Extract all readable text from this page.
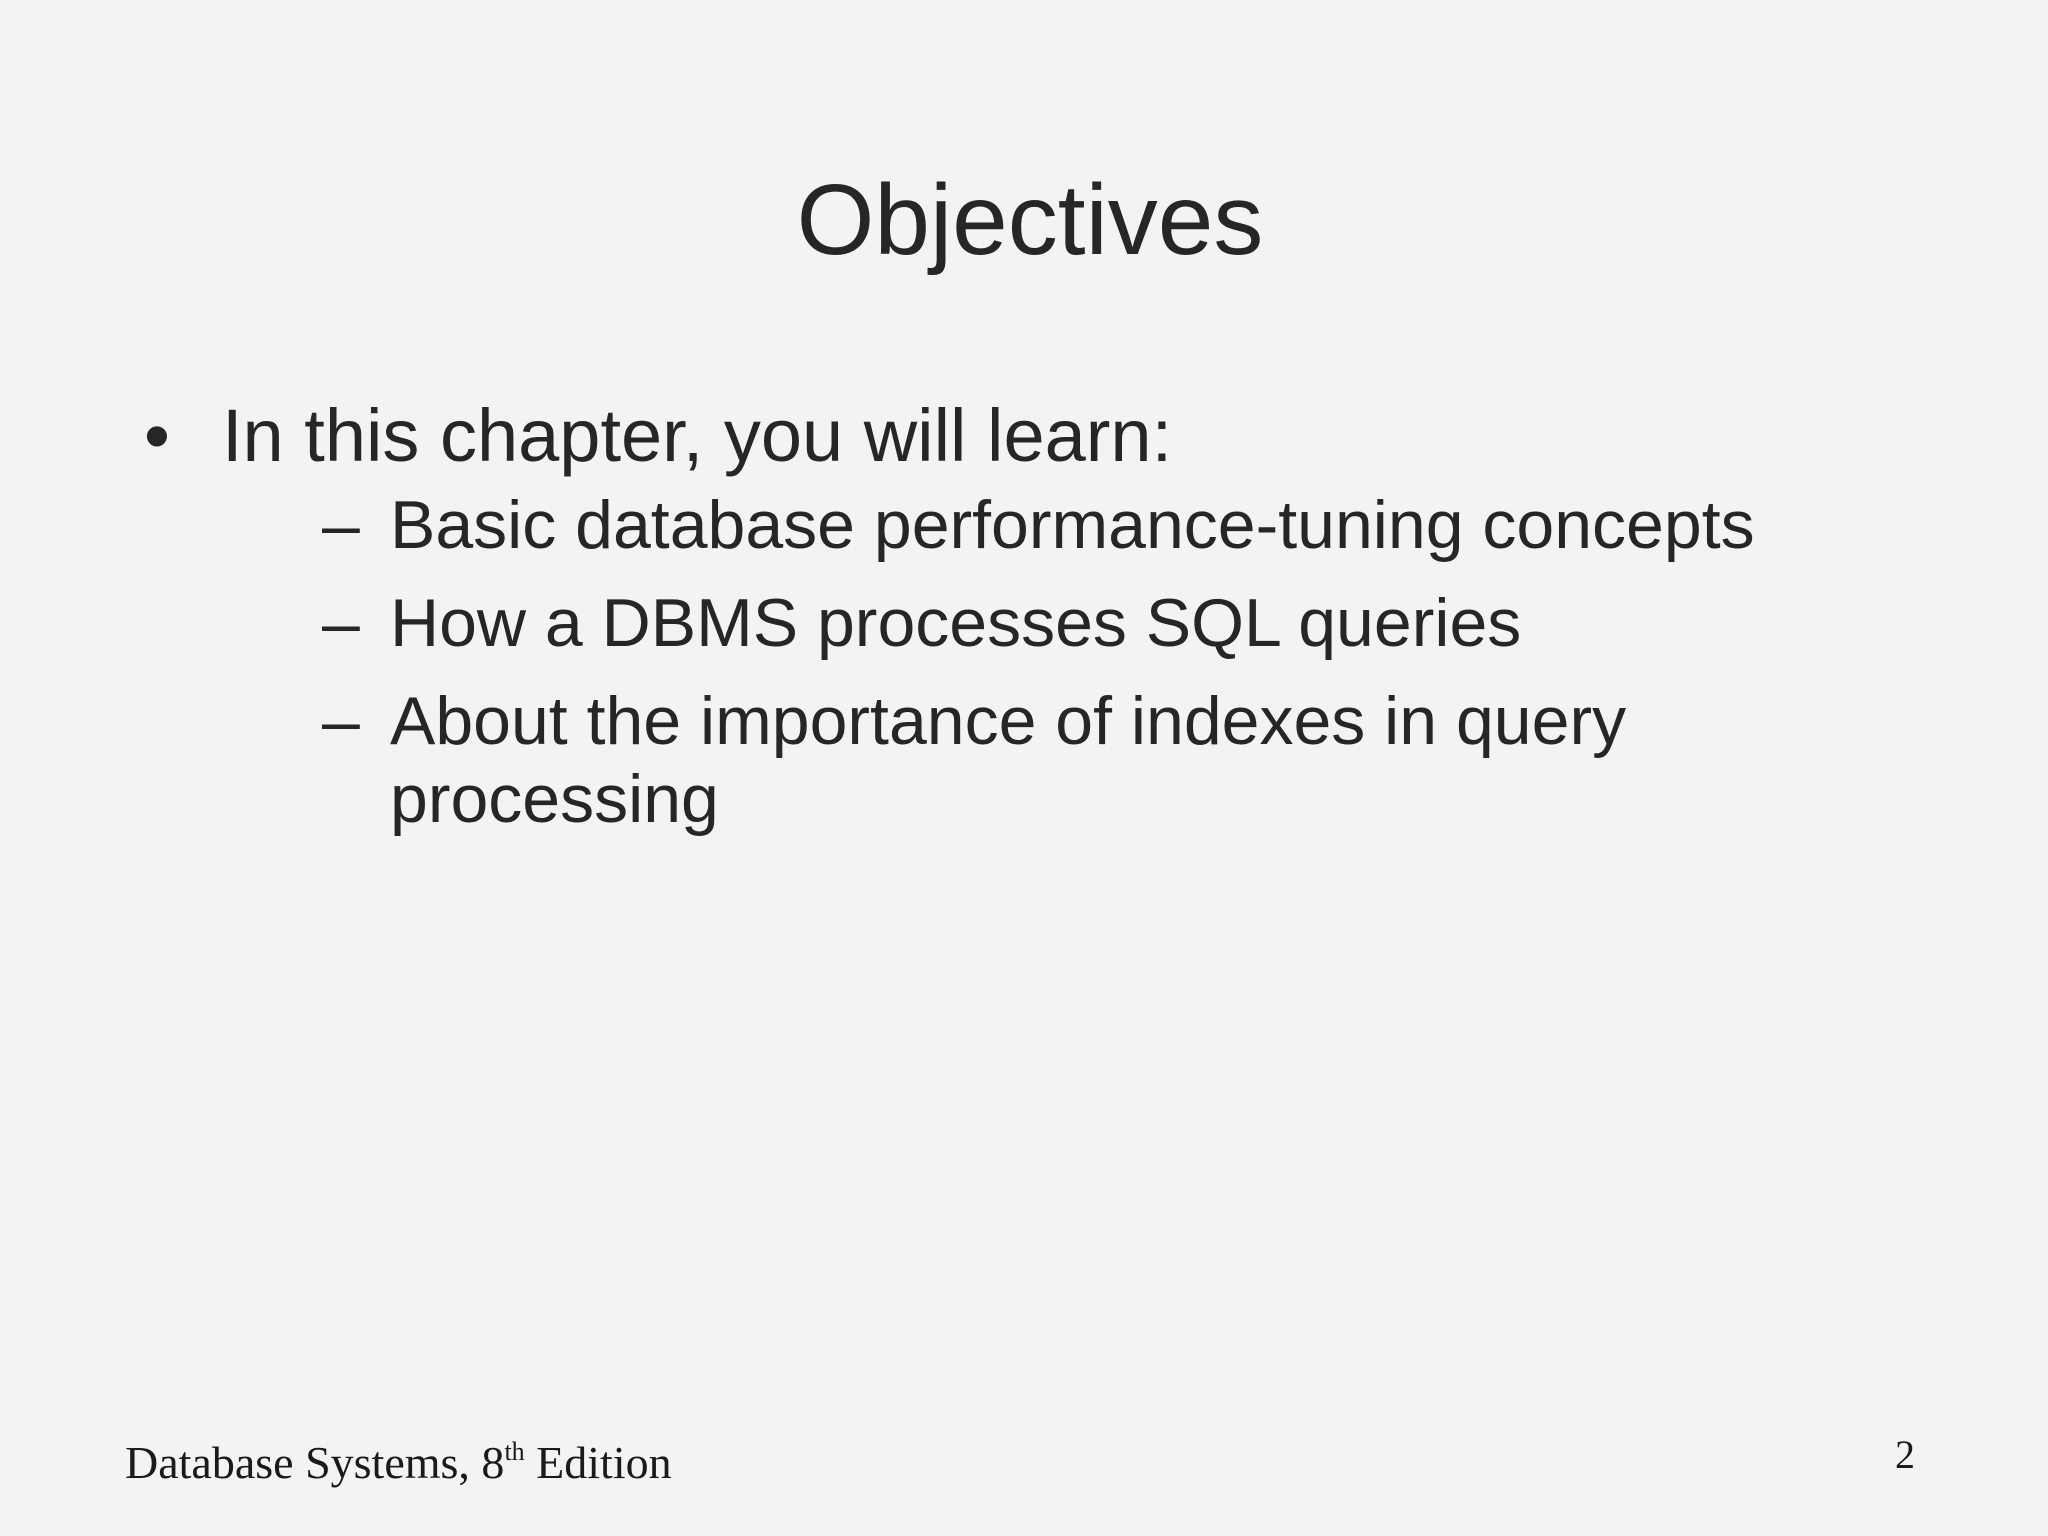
Objectives
• In this chapter, you will learn:
– Basic database performance-tuning concepts
– How a DBMS processes SQL queries
– About the importance of indexes in query processing
Database Systems, 8th Edition	2
